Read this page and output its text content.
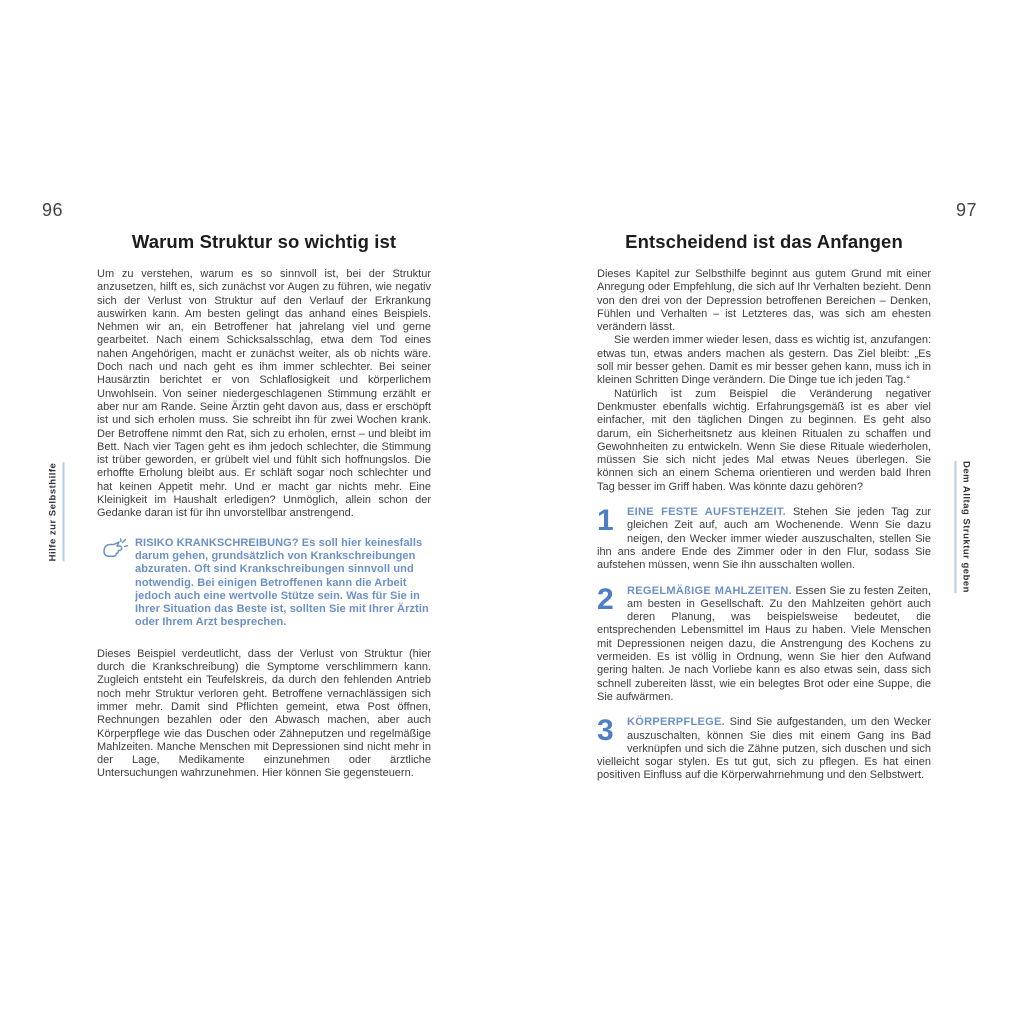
96	97
Hilfe zur Selbsthilfe	Dem Alltag Struktur geben
Warum Struktur so wichtig ist

Um zu verstehen, warum es so sinnvoll ist, bei der Struktur anzusetzen, hilft es, sich zunächst vor Augen zu führen, wie negativ sich der Verlust von Struktur auf den Verlauf der Erkrankung auswirken kann. Am besten gelingt das anhand eines Beispiels. Nehmen wir an, ein Betroffener hat jahrelang viel und gerne gearbeitet. Nach einem Schicksalsschlag, etwa dem Tod eines nahen Angehörigen, macht er zunächst weiter, als ob nichts wäre. Doch nach und nach geht es ihm immer schlechter. Bei seiner Hausärztin berichtet er von Schlaflosigkeit und körperlichem Unwohlsein. Von seiner niedergeschlagenen Stimmung erzählt er aber nur am Rande. Seine Ärztin geht davon aus, dass er erschöpft ist und sich erholen muss. Sie schreibt ihn für zwei Wochen krank. Der Betroffene nimmt den Rat, sich zu erholen, ernst – und bleibt im Bett. Nach vier Tagen geht es ihm jedoch schlechter, die Stimmung ist trüber geworden, er grübelt viel und fühlt sich hoffnungslos. Die erhoffte Erholung bleibt aus. Er schläft sogar noch schlechter und hat keinen Appetit mehr. Und er macht gar nichts mehr. Eine Kleinigkeit im Haushalt erledigen? Unmöglich, allein schon der Gedanke daran ist für ihn unvorstellbar anstrengend.

RISIKO KRANKSCHREIBUNG? Es soll hier keinesfalls darum gehen, grundsätzlich von Krankschreibungen abzuraten. Oft sind Krankschreibungen sinnvoll und notwendig. Bei einigen Betroffenen kann die Arbeit jedoch auch eine wertvolle Stütze sein. Was für Sie in Ihrer Situation das Beste ist, sollten Sie mit Ihrer Ärztin oder Ihrem Arzt besprechen.

Dieses Beispiel verdeutlicht, dass der Verlust von Struktur (hier durch die Krankschreibung) die Symptome verschlimmern kann. Zugleich entsteht ein Teufelskreis, da durch den fehlenden Antrieb noch mehr Struktur verloren geht. Betroffene vernachlässigen sich immer mehr. Damit sind Pflichten gemeint, etwa Post öffnen, Rechnungen bezahlen oder den Abwasch machen, aber auch Körperpflege wie das Duschen oder Zähneputzen und regelmäßige Mahlzeiten. Manche Menschen mit Depressionen sind nicht mehr in der Lage, Medikamente einzunehmen oder ärztliche Untersuchungen wahrzunehmen. Hier können Sie gegensteuern.

Entscheidend ist das Anfangen

Dieses Kapitel zur Selbsthilfe beginnt aus gutem Grund mit einer Anregung oder Empfehlung, die sich auf Ihr Verhalten bezieht. Denn von den drei von der Depression betroffenen Bereichen – Denken, Fühlen und Verhalten – ist Letzteres das, was sich am ehesten verändern lässt.

Sie werden immer wieder lesen, dass es wichtig ist, anzufangen: etwas tun, etwas anders machen als gestern. Das Ziel bleibt: „Es soll mir besser gehen. Damit es mir besser gehen kann, muss ich in kleinen Schritten Dinge verändern. Die Dinge tue ich jeden Tag.“

Natürlich ist zum Beispiel die Veränderung negativer Denkmuster ebenfalls wichtig. Erfahrungsgemäß ist es aber viel einfacher, mit den täglichen Dingen zu beginnen. Es geht also darum, ein Sicherheitsnetz aus kleinen Ritualen zu schaffen und Gewohnheiten zu entwickeln. Wenn Sie diese Rituale wiederholen, müssen Sie sich nicht jedes Mal etwas Neues überlegen. Sie können sich an einem Schema orientieren und werden bald Ihren Tag besser im Griff haben. Was könnte dazu gehören?

1	EINE FESTE AUFSTEHZEIT. Stehen Sie jeden Tag zur gleichen Zeit auf, auch am Wochenende. Wenn Sie dazu neigen, den Wecker immer wieder auszuschalten, stellen Sie ihn ans andere Ende des Zimmer oder in den Flur, sodass Sie aufstehen müssen, wenn Sie ihn ausschalten wollen.

2	REGELMÄßIGE MAHLZEITEN. Essen Sie zu festen Zeiten, am besten in Gesellschaft. Zu den Mahlzeiten gehört auch deren Planung, was beispielsweise bedeutet, die entsprechenden Lebensmittel im Haus zu haben. Viele Menschen mit Depressionen neigen dazu, die Anstrengung des Kochens zu vermeiden. Es ist völlig in Ordnung, wenn Sie hier den Aufwand gering halten. Je nach Vorliebe kann es also etwas sein, dass sich schnell zubereiten lässt, wie ein belegtes Brot oder eine Suppe, die Sie aufwärmen.

3	KÖRPERPFLEGE. Sind Sie aufgestanden, um den Wecker auszuschalten, können Sie dies mit einem Gang ins Bad verknüpfen und sich die Zähne putzen, sich duschen und sich vielleicht sogar stylen. Es tut gut, sich zu pflegen. Es hat einen positiven Einfluss auf die Körperwahrnehmung und den Selbstwert.
